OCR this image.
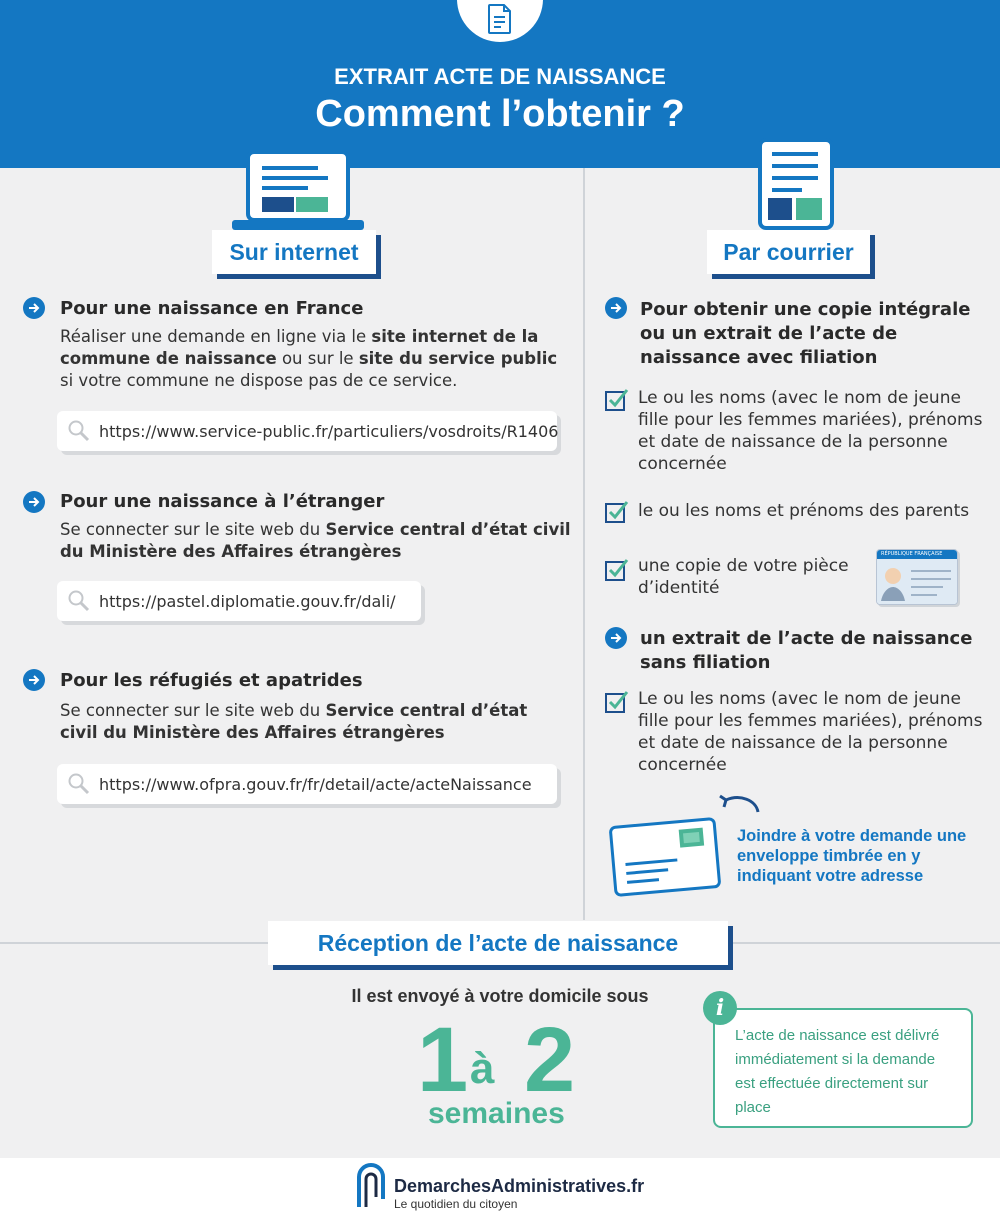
EXTRAIT ACTE DE NAISSANCE
Comment l’obtenir ?
Sur internet
Pour une naissance en France
Réaliser une demande en ligne via le site internet de la commune de naissance ou sur le site du service public si votre commune ne dispose pas de ce service.
https://www.service-public.fr/particuliers/vosdroits/R1406
Pour une naissance à l’étranger
Se connecter sur le site web du Service central d’état civil du Ministère des Affaires étrangères
https://pastel.diplomatie.gouv.fr/dali/
Pour les réfugiés et apatrides
Se connecter sur le site web du Service central d’état civil du Ministère des Affaires étrangères
https://www.ofpra.gouv.fr/fr/detail/acte/acteNaissance
Par courrier
Pour obtenir une copie intégrale ou un extrait de l’acte de naissance avec filiation
Le ou les noms (avec le nom de jeune fille pour les femmes mariées), prénoms et date de naissance de la personne concernée
le ou les noms et prénoms des parents
une copie de votre pièce d’identité
RÉPUBLIQUE FRANÇAISE
un extrait de l’acte de naissance sans filiation
Le ou les noms (avec le nom de jeune fille pour les femmes mariées), prénoms et date de naissance de la personne concernée
Joindre à votre demande une enveloppe timbrée en y indiquant votre adresse
Réception de l’acte de naissance
Il est envoyé à votre domicile sous
1 à 2
semaines
L’acte de naissance est délivré immédiatement si la demande est effectuée directement sur place
i
DemarchesAdministratives.fr
Le quotidien du citoyen
